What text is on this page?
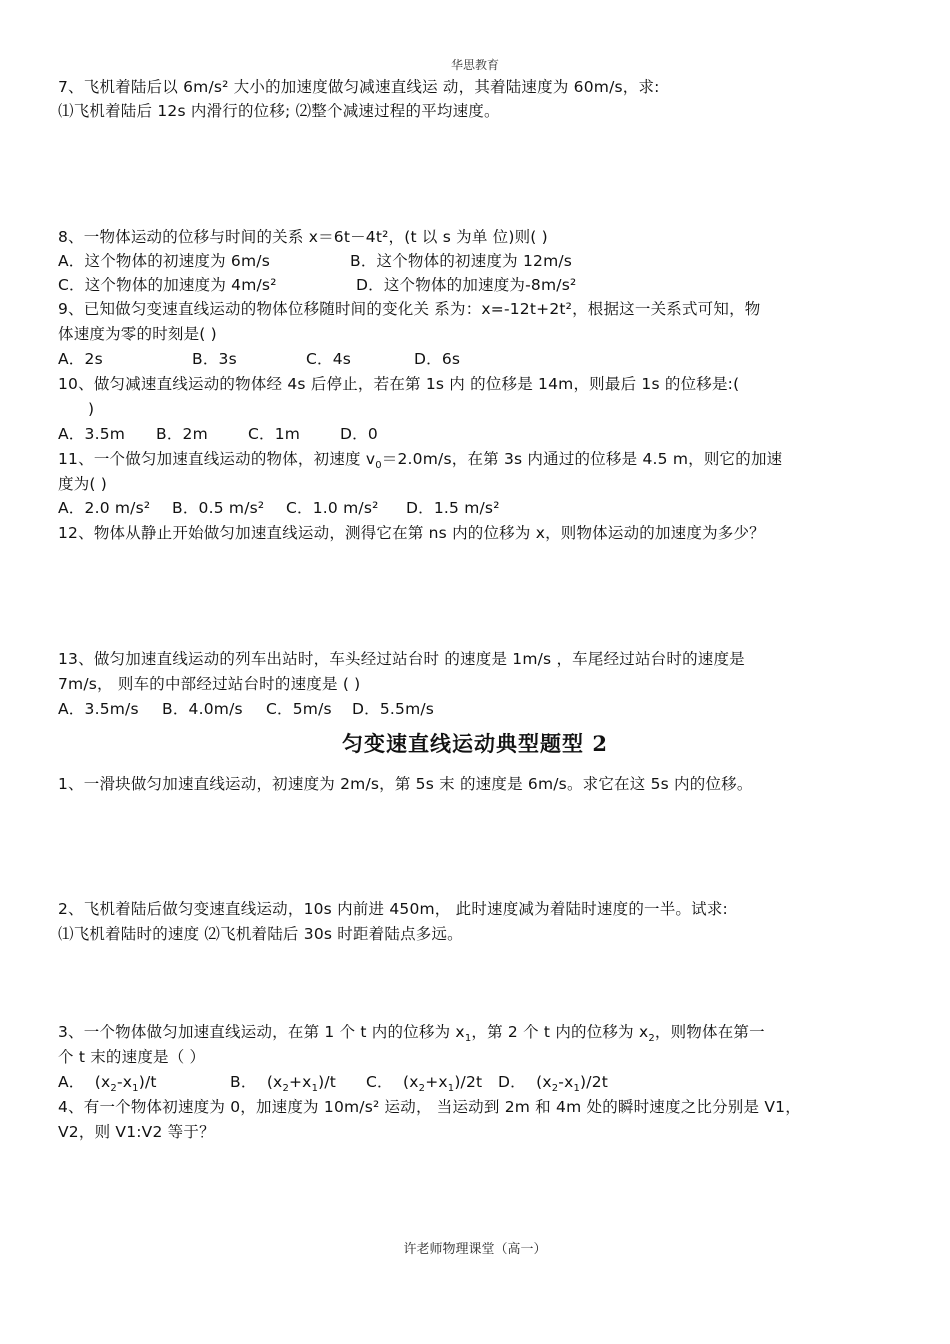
华思教育
7、飞机着陆后以 6m/s² 大小的加速度做匀减速直线运 动，其着陆速度为 60m/s，求:
⑴飞机着陆后 12s 内滑行的位移; ⑵整个减速过程的平均速度。
8、一物体运动的位移与时间的关系 x＝6t－4t²，(t 以 s 为单 位)则( )
A．这个物体的初速度为 6m/s	B．这个物体的初速度为 12m/s
C．这个物体的加速度为 4m/s²	D．这个物体的加速度为-8m/s²
9、已知做匀变速直线运动的物体位移随时间的变化关 系为：x=-12t+2t²，根据这一关系式可知，物
体速度为零的时刻是( )
A．2s	B．3s	C．4s	D．6s
10、做匀减速直线运动的物体经 4s 后停止，若在第 1s 内 的位移是 14m，则最后 1s 的位移是:(
)
A．3.5m B．2m	C．1m	D．0
11、一个做匀加速直线运动的物体，初速度 $v_0=2.0m/s$，在第 3s 内通过的位移是 4.5 m，则它的加速
度为( )
A．2.0 m/s² B．0.5 m/s² C．1.0 m/s² D．1.5 m/s²
12、物体从静止开始做匀加速直线运动，测得它在第 ns 内的位移为 x，则物体运动的加速度为多少？
13、做匀加速直线运动的列车出站时，车头经过站台时 的速度是 1m/s ，车尾经过站台时的速度是
7m/s， 则车的中部经过站台时的速度是 ( )
A．3.5m/s B．4.0m/s C．5m/s D．5.5m/s
匀变速直线运动典型题型 2
1、一滑块做匀加速直线运动，初速度为 2m/s，第 5s 末 的速度是 6m/s。求它在这 5s 内的位移。
2、飞机着陆后做匀变速直线运动，10s 内前进 450m， 此时速度减为着陆时速度的一半。试求:
⑴飞机着陆时的速度 ⑵飞机着陆后 30s 时距着陆点多远。
3、一个物体做匀加速直线运动，在第 1 个 t 内的位移为 $x_1$，第 2 个 t 内的位移为 $x_2$，则物体在第一
个 t 末的速度是（ ）
A． $(x_2-x_1)/t$	B． $(x_2+x_1)/t$ C． $(x_2+x_1)/2t$ D． $(x_2-x_1)/2t$
4、有一个物体初速度为 0，加速度为 10m/s² 运动， 当运动到 2m 和 4m 处的瞬时速度之比分别是 V1，
V2，则 V1:V2 等于？
许老师物理课堂（高一）
